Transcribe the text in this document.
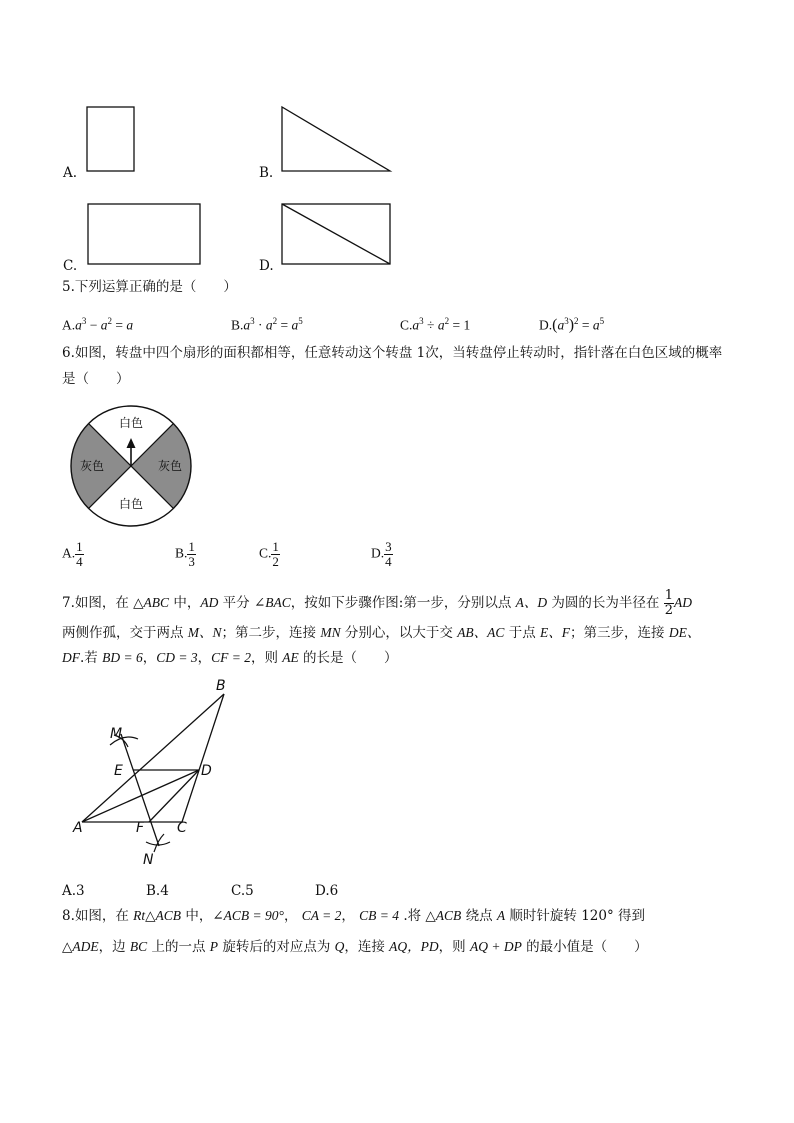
A.	B.
C.	D.
5.下列运算正确的是（　　）
$A.a^3 - a^2 = a$	$B.a^3 \cdot a^2 = a^5$	$C.a^3 \div a^2 = 1$	$D.(a^3)^2 = a^5$
6.如图，转盘中四个扇形的面积都相等，任意转动这个转盘 1次，当转盘停止转动时，指针落在白色区域的概率是（　　）
白色
白色
灰色	灰色
A. $\frac{1}{4}$	B. $\frac{1}{3}$	C. $\frac{1}{2}$	D. $\frac{3}{4}$
7.如图，在 △ABC 中，AD 平分 ∠BAC，按如下步骤作图:第一步，分别以点 A、D 为圆的长为半径在 $\frac{1}{2}$ AD
两侧作孤，交于两点 M、N；第二步，连接 MN 分别心，以大于交 AB、AC 于点 E、F；第三步，连接 DE、
DF.若 BD = 6，CD = 3，CF = 2，则 AE 的长是（　　）
B
M
E	D
A	F C
N
A.3	B.4	C.5	D.6
8.如图，在 Rt△ACB 中，∠ACB = 90°， CA = 2， CB = 4 .将 △ACB 绕点 A 顺时针旋转 120° 得到
△ADE，边 BC 上的一点 P 旋转后的对应点为 Q，连接 AQ，PD，则 AQ + DP 的最小值是（　　）
